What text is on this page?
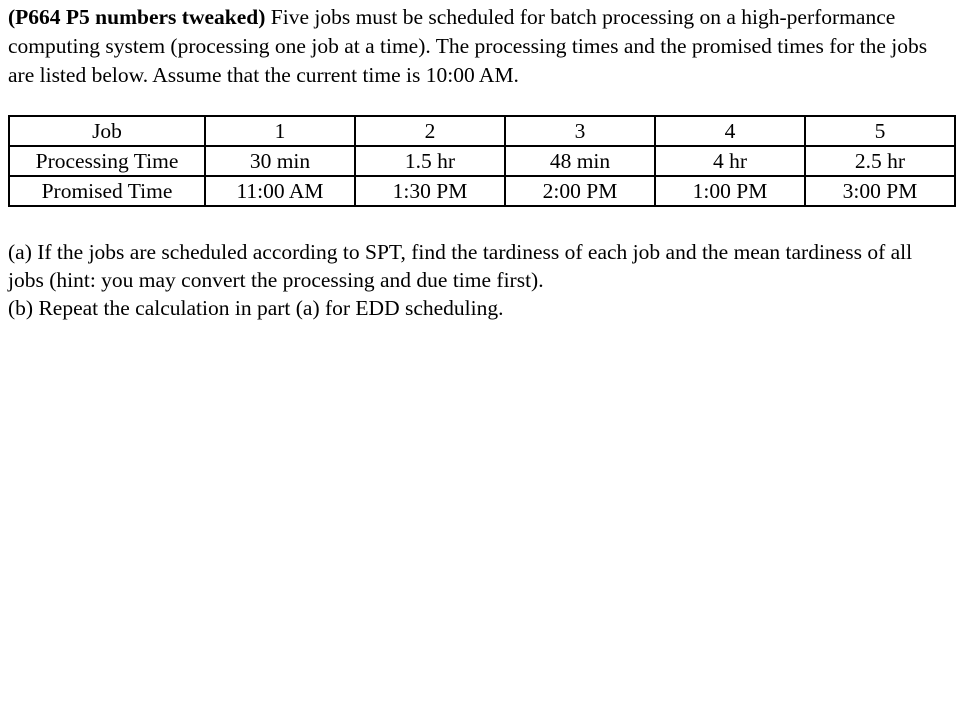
(P664 P5 numbers tweaked) Five jobs must be scheduled for batch processing on a high-performance computing system (processing one job at a time). The processing times and the promised times for the jobs are listed below. Assume that the current time is 10:00 AM.

Job	1	2	3	4	5
Processing Time	30 min	1.5 hr	48 min	4 hr	2.5 hr
Promised Time	11:00 AM	1:30 PM	2:00 PM	1:00 PM	3:00 PM

(a) If the jobs are scheduled according to SPT, find the tardiness of each job and the mean tardiness of all jobs (hint: you may convert the processing and due time first).

(b) Repeat the calculation in part (a) for EDD scheduling.
